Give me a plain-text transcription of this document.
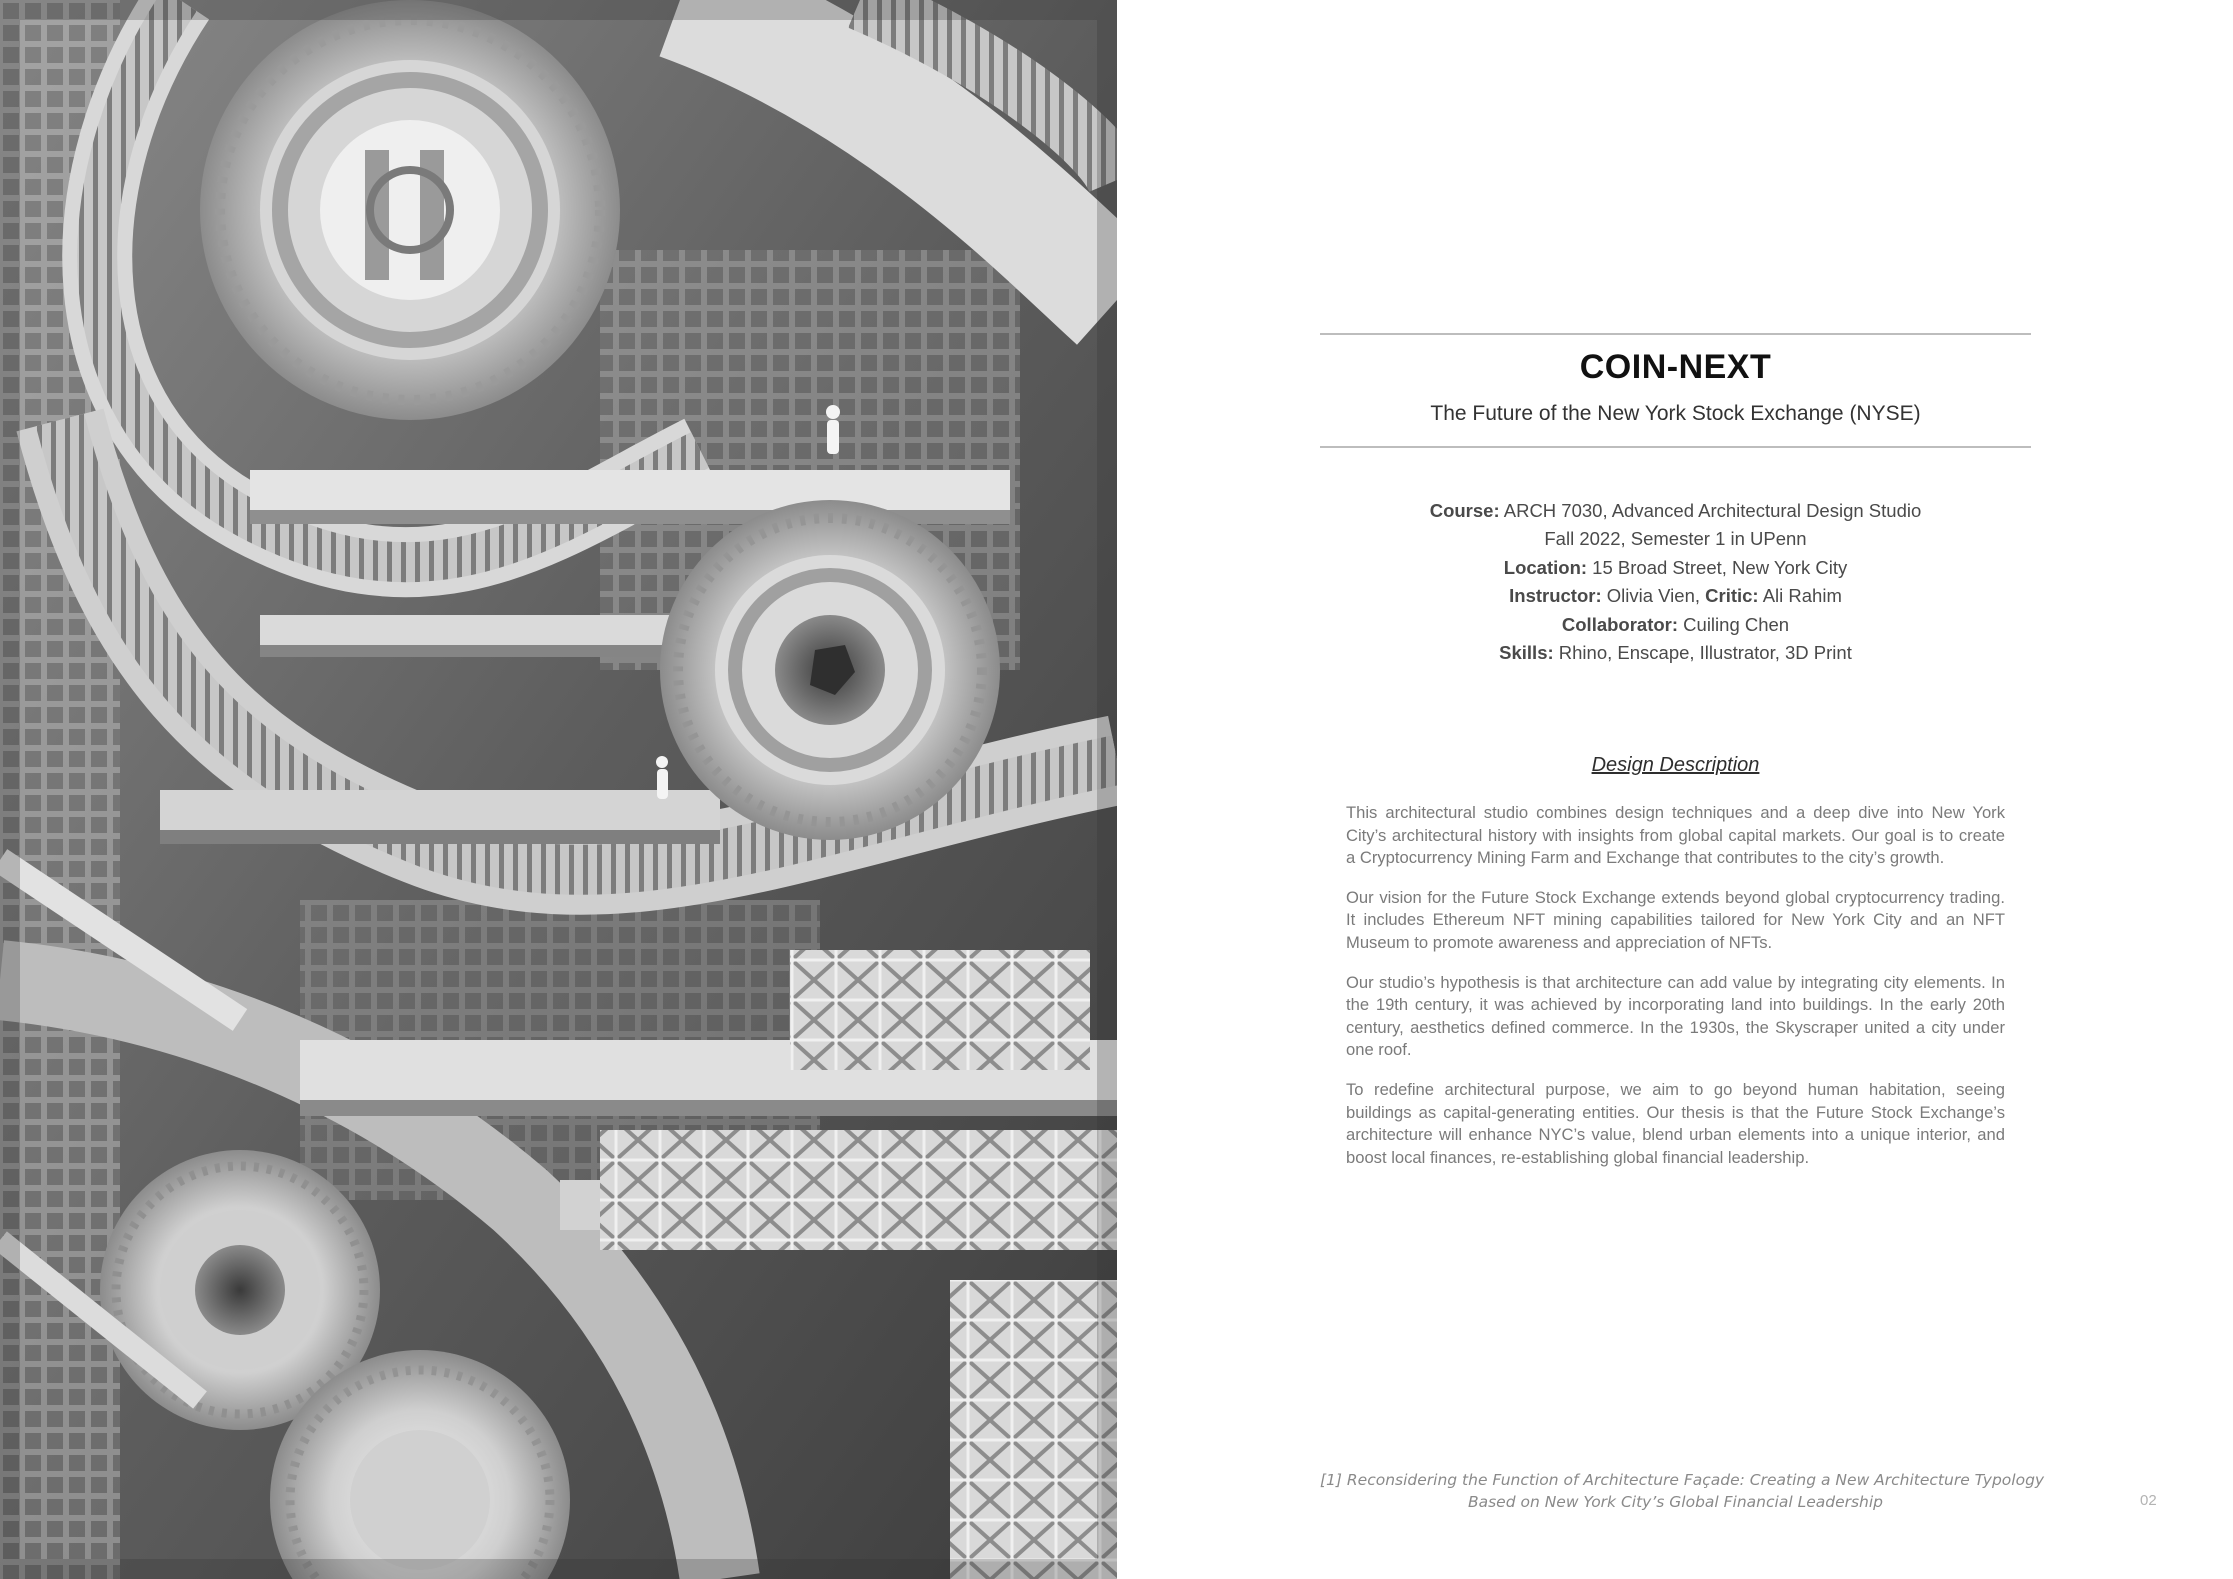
COIN-NEXT
The Future of the New York Stock Exchange (NYSE)
Course: ARCH 7030, Advanced Architectural Design Studio
Fall 2022, Semester 1 in UPenn
Location: 15 Broad Street, New York City
Instructor: Olivia Vien, Critic: Ali Rahim
Collaborator: Cuiling Chen
Skills: Rhino, Enscape, Illustrator, 3D Print
Design Description

This architectural studio combines design techniques and a deep dive into New York City’s architectural history with insights from global capital markets. Our goal is to create a Cryptocurrency Mining Farm and Exchange that contributes to the city’s growth.

Our vision for the Future Stock Exchange extends beyond global cryptocurrency trading. It includes Ethereum NFT mining capabilities tailored for New York City and an NFT Museum to promote awareness and appreciation of NFTs.

Our studio’s hypothesis is that architecture can add value by integrating city elements. In the 19th century, it was achieved by incorporating land into buildings. In the early 20th century, aesthetics defined commerce. In the 1930s, the Skyscraper united a city under one roof.

To redefine architectural purpose, we aim to go beyond human habitation, seeing buildings as capital-generating entities. Our thesis is that the Future Stock Exchange’s architecture will enhance NYC’s value, blend urban elements into a unique interior, and boost local finances, re-establishing global financial leadership.

[1] Reconsidering the Function of Architecture Façade: Creating a New Architecture Typology
Based on New York City’s Global Financial Leadership	02
